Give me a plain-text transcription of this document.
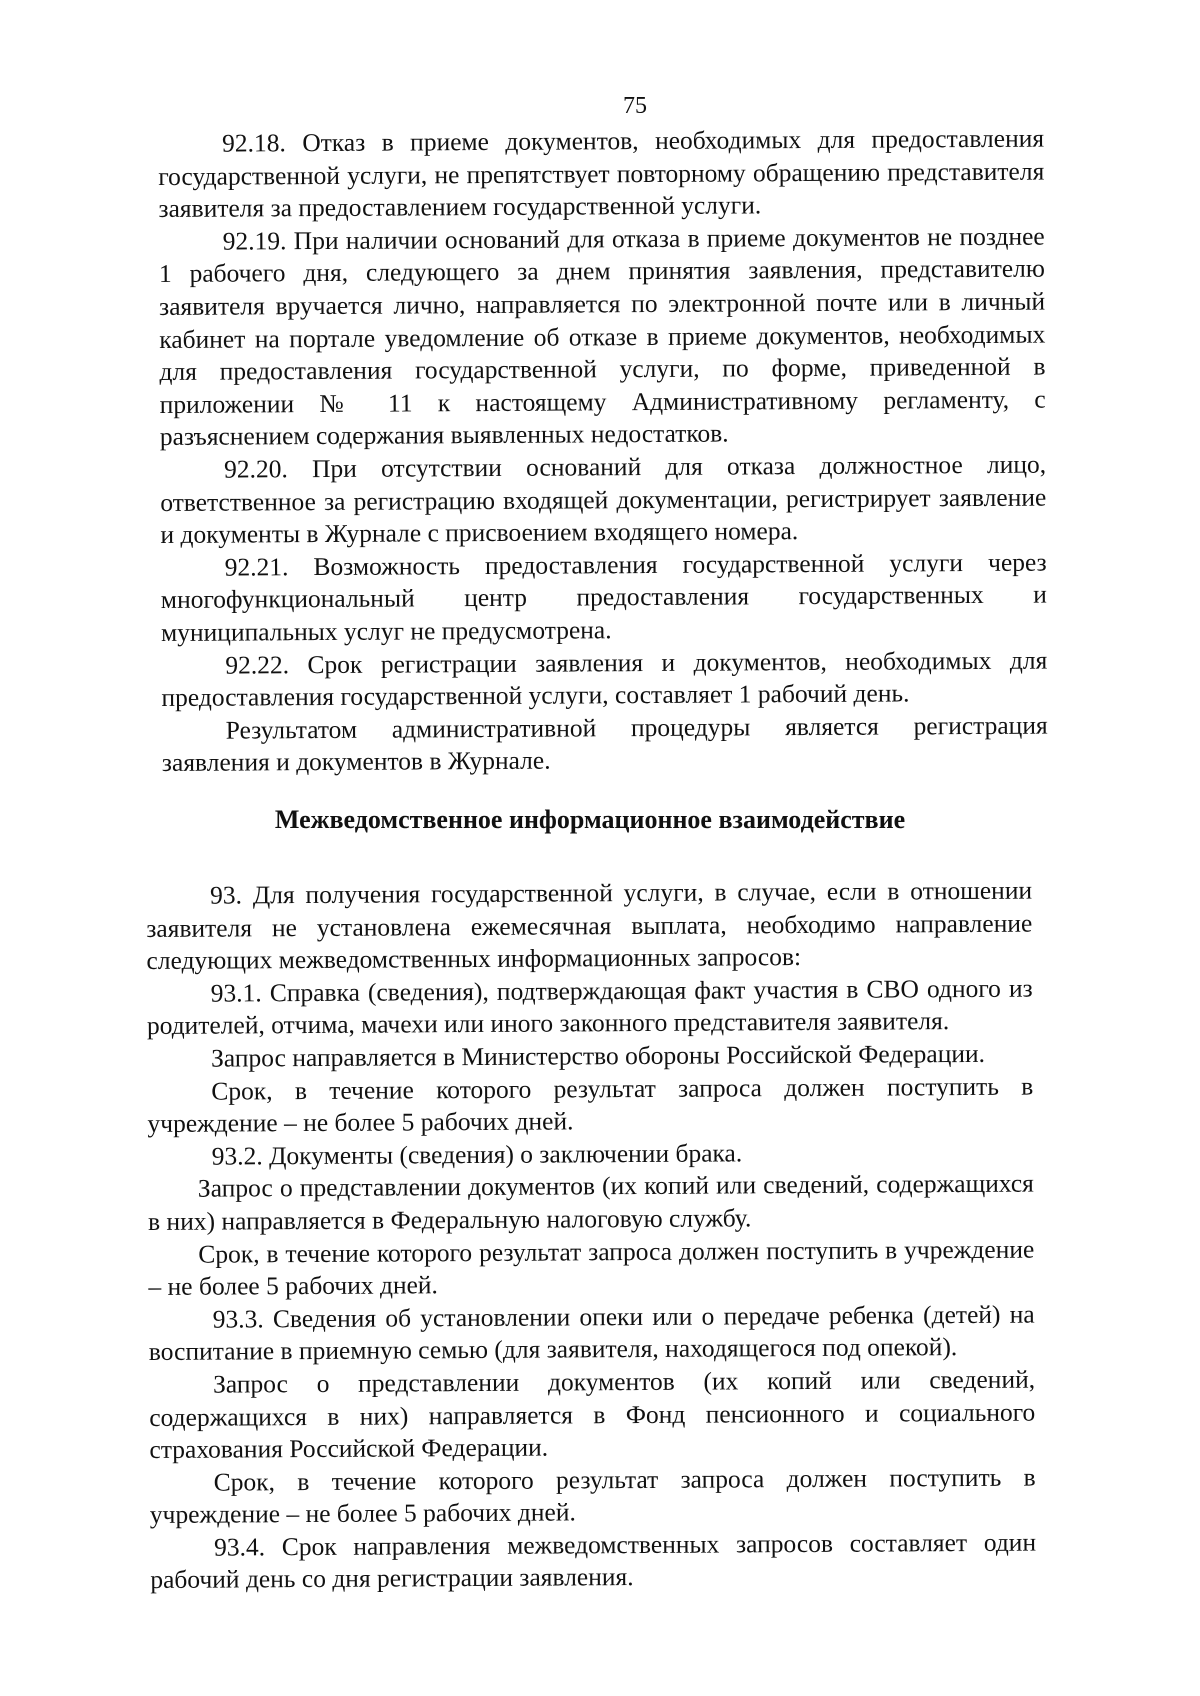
75

92.18. Отказ в приеме документов, необходимых для предоставления государственной услуги, не препятствует повторному обращению представителя заявителя за предоставлением государственной услуги.

92.19. При наличии оснований для отказа в приеме документов не позднее 1 рабочего дня, следующего за днем принятия заявления, представителю заявителя вручается лично, направляется по электронной почте или в личный кабинет на портале уведомление об отказе в приеме документов, необходимых для предоставления государственной услуги, по форме, приведенной в приложении № 11 к настоящему Административному регламенту, с разъяснением содержания выявленных недостатков.

92.20. При отсутствии оснований для отказа должностное лицо, ответственное за регистрацию входящей документации, регистрирует заявление и документы в Журнале с присвоением входящего номера.

92.21. Возможность предоставления государственной услуги через многофункциональный центр предоставления государственных и муниципальных услуг не предусмотрена.

92.22. Срок регистрации заявления и документов, необходимых для предоставления государственной услуги, составляет 1 рабочий день.

Результатом административной процедуры является регистрация заявления и документов в Журнале.

Межведомственное информационное взаимодействие

93. Для получения государственной услуги, в случае, если в отношении заявителя не установлена ежемесячная выплата, необходимо направление следующих межведомственных информационных запросов:

93.1. Справка (сведения), подтверждающая факт участия в СВО одного из родителей, отчима, мачехи или иного законного представителя заявителя.

Запрос направляется в Министерство обороны Российской Федерации.

Срок, в течение которого результат запроса должен поступить в учреждение – не более 5 рабочих дней.

93.2. Документы (сведения) о заключении брака.

Запрос о представлении документов (их копий или сведений, содержащихся в них) направляется в Федеральную налоговую службу.

Срок, в течение которого результат запроса должен поступить в учреждение – не более 5 рабочих дней.

93.3. Сведения об установлении опеки или о передаче ребенка (детей) на воспитание в приемную семью (для заявителя, находящегося под опекой).

Запрос о представлении документов (их копий или сведений, содержащихся в них) направляется в Фонд пенсионного и социального страхования Российской Федерации.

Срок, в течение которого результат запроса должен поступить в учреждение – не более 5 рабочих дней.

93.4. Срок направления межведомственных запросов составляет один рабочий день со дня регистрации заявления.
